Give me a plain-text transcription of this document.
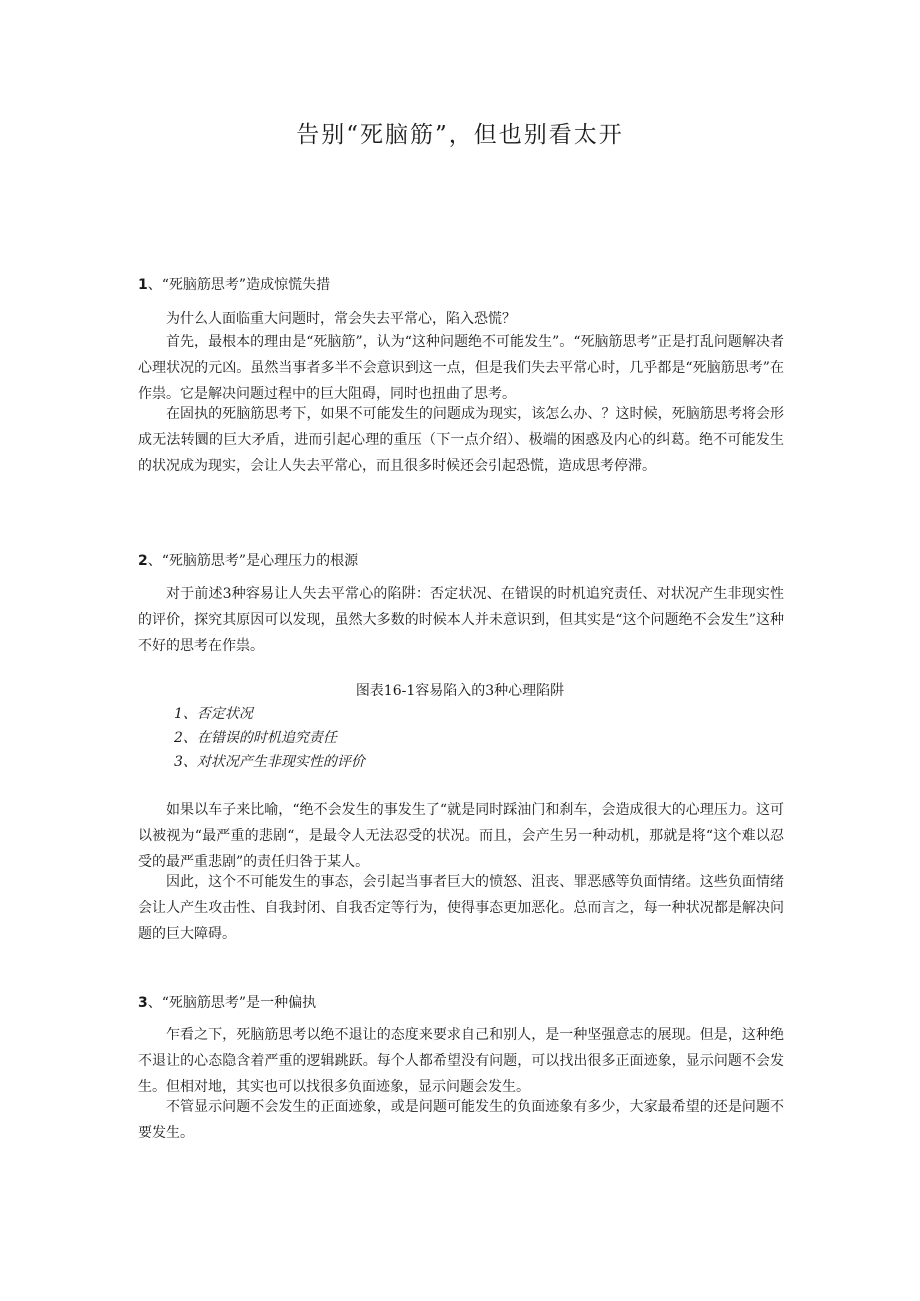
告别“死脑筋”，但也别看太开
1、“死脑筋思考”造成惊慌失措

为什么人面临重大问题时，常会失去平常心，陷入恐慌？

首先，最根本的理由是“死脑筋”，认为“这种问题绝不可能发生”。“死脑筋思考”正是打乱问题解决者心理状况的元凶。虽然当事者多半不会意识到这一点，但是我们失去平常心时，几乎都是“死脑筋思考”在作祟。它是解决问题过程中的巨大阻碍，同时也扭曲了思考。

在固执的死脑筋思考下，如果不可能发生的问题成为现实，该怎么办、？这时候，死脑筋思考将会形成无法转圜的巨大矛盾，进而引起心理的重压（下一点介绍）、极端的困惑及内心的纠葛。绝不可能发生的状况成为现实，会让人失去平常心，而且很多时候还会引起恐慌，造成思考停滞。

2、“死脑筋思考”是心理压力的根源

对于前述3种容易让人失去平常心的陷阱：否定状况、在错误的时机追究责任、对状况产生非现实性的评价，探究其原因可以发现，虽然大多数的时候本人并未意识到，但其实是“这个问题绝不会发生”这种不好的思考在作祟。

图表16-1容易陷入的3种心理陷阱

1、否定状况
2、在错误的时机追究责任
3、对状况产生非现实性的评价

如果以车子来比喻，“绝不会发生的事发生了“就是同时踩油门和刹车，会造成很大的心理压力。这可以被视为“最严重的悲剧“，是最令人无法忍受的状况。而且，会产生另一种动机，那就是将“这个难以忍受的最严重悲剧”的责任归咎于某人。

因此，这个不可能发生的事态，会引起当事者巨大的愤怒、沮丧、罪恶感等负面情绪。这些负面情绪会让人产生攻击性、自我封闭、自我否定等行为，使得事态更加恶化。总而言之，每一种状况都是解决问题的巨大障碍。

3、“死脑筋思考”是一种偏执

乍看之下，死脑筋思考以绝不退让的态度来要求自己和别人，是一种坚强意志的展现。但是，这种绝不退让的心态隐含着严重的逻辑跳跃。每个人都希望没有问题，可以找出很多正面迹象，显示问题不会发生。但相对地，其实也可以找很多负面迹象，显示问题会发生。

不管显示问题不会发生的正面迹象，或是问题可能发生的负面迹象有多少，大家最希望的还是问题不要发生。
